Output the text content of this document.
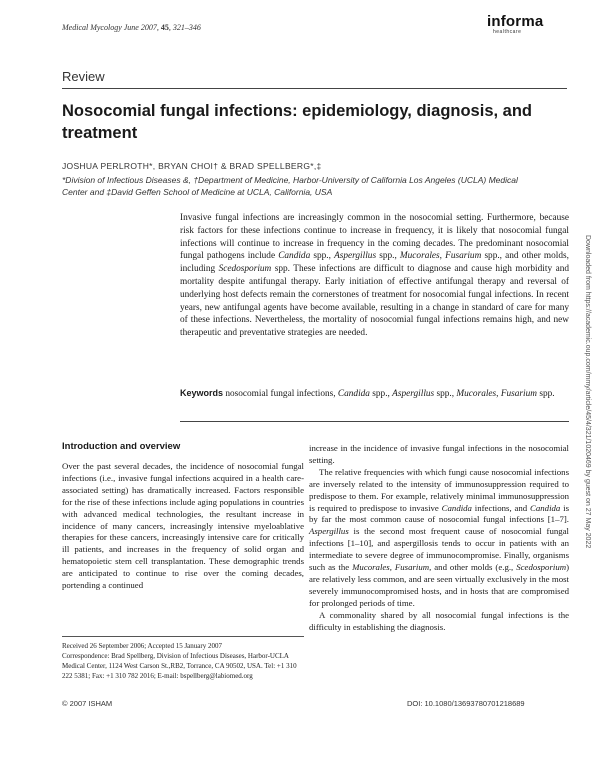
Medical Mycology June 2007, 45, 321–346	informa
healthcare
Review
Nosocomial fungal infections: epidemiology, diagnosis, and treatment
JOSHUA PERLROTH*, BRYAN CHOI† & BRAD SPELLBERG*,‡
*Division of Infectious Diseases &, †Department of Medicine, Harbor-University of California Los Angeles (UCLA) Medical
Center and ‡David Geffen School of Medicine at UCLA, California, USA
Invasive fungal infections are increasingly common in the nosocomial setting. Furthermore, because risk factors for these infections continue to increase in frequency, it is likely that nosocomial fungal infections will continue to increase in frequency in the coming decades. The predominant nosocomial fungal pathogens include Candida spp., Aspergillus spp., Mucorales, Fusarium spp., and other molds, including Scedosporium spp. These infections are difficult to diagnose and cause high morbidity and mortality despite antifungal therapy. Early initiation of effective antifungal therapy and reversal of underlying host defects remain the cornerstones of treatment for nosocomial fungal infections. In recent years, new antifungal agents have become available, resulting in a change in standard of care for many of these infections. Nevertheless, the mortality of nosocomial fungal infections remains high, and new therapeutic and preventative strategies are needed.
Keywords nosocomial fungal infections, Candida spp., Aspergillus spp., Mucorales, Fusarium spp.
Introduction and overview

Over the past several decades, the incidence of nosocomial fungal infections (i.e., invasive fungal infections acquired in a health care-associated setting) has dramatically increased. Factors responsible for the rise of these infections include aging populations in countries with advanced medical technologies, the resultant increase in incidence of many cancers, increasingly intensive myeloablative therapies for these cancers, increasingly intensive care for critically ill patients, and increases in the frequency of solid organ and hematopoietic stem cell transplantation. These demographic trends are anticipated to continue to rise over the coming decades, portending a continued

increase in the incidence of invasive fungal infections in the nosocomial setting.

The relative frequencies with which fungi cause nosocomial infections are inversely related to the intensity of immunosuppression required to predispose to them. For example, relatively minimal immunosuppression is required to predispose to invasive Candida infections, and Candida is by far the most common cause of nosocomial fungal infections [1–7]. Aspergillus is the second most frequent cause of nosocomial fungal infections [1–10], and aspergillosis tends to occur in patients with an intermediate to severe degree of immunocompromise. Finally, organisms such as the Mucorales, Fusarium, and other molds (e.g., Scedosporium) are relatively less common, and are seen virtually exclusively in the most severely immunocompromised hosts, and in hosts that are compromised for prolonged periods of time.

A commonality shared by all nosocomial fungal infections is the difficulty in establishing the diagnosis.

Received 26 September 2006; Accepted 15 January 2007
Correspondence: Brad Spellberg, Division of Infectious Diseases, Harbor-UCLA Medical Center, 1124 West Carson St.,RB2, Torrance, CA 90502, USA. Tel: +1 310 222 5381; Fax: +1 310 782 2016; E-mail: bspellberg@labiomed.org
© 2007 ISHAM	DOI: 10.1080/13693780701218689
Downloaded from https://academic.oup.com/mmy/article/45/4/321/1020469 by guest on 27 May 2022
